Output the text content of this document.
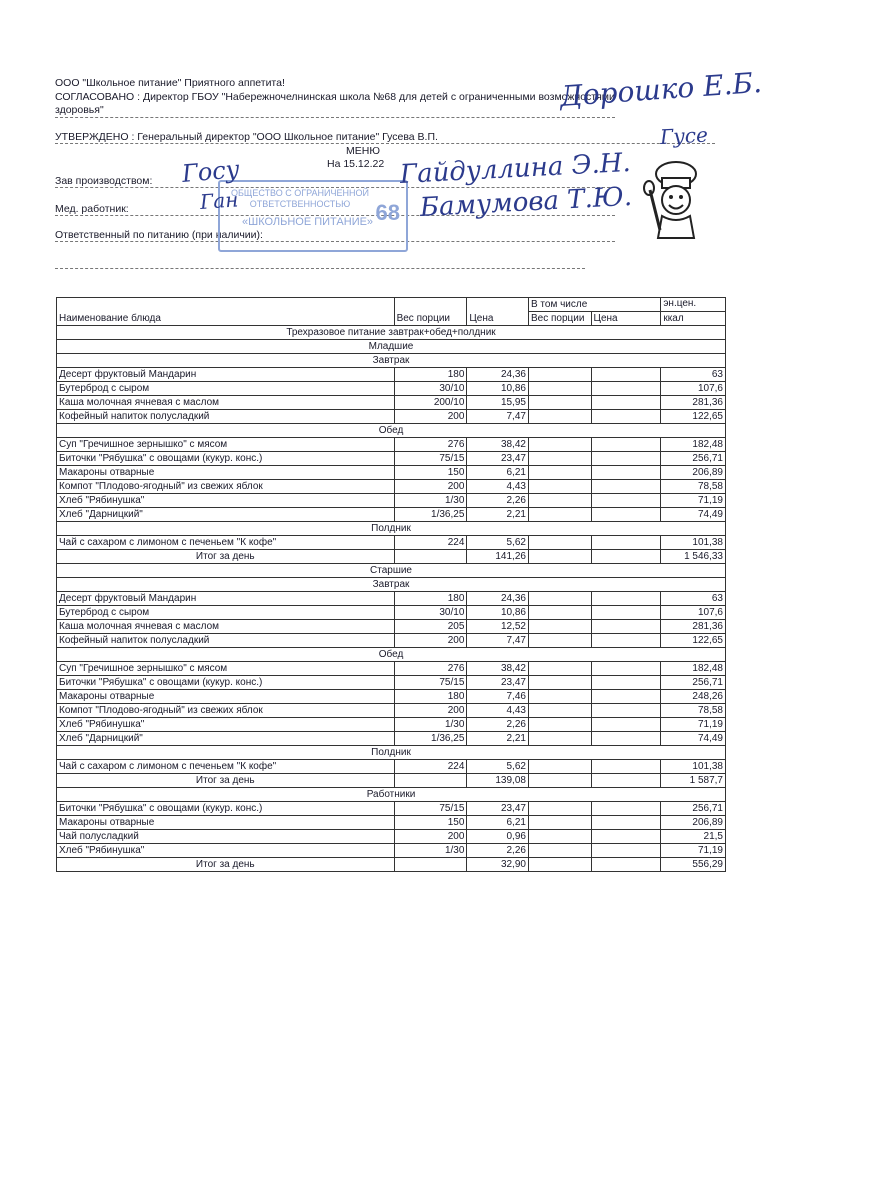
ООО "Школьное питание" Приятного аппетита!
СОГЛАСОВАНО : Директор ГБОУ "Набережночелнинская школа №68 для детей с ограниченными возможностями
здоровья"
УТВЕРЖДЕНО : Генеральный директор "ООО Школьное питание" Гусева В.П.
МЕНЮ
На 15.12.22
Зав производством:
Мед. работник:
Ответственный по питанию (при наличии):
ОБЩЕСТВО С ОГРАНИЧЕННОЙ ОТВЕТСТВЕННОСТЬЮ
«ШКОЛЬНОЕ ПИТАНИЕ» 68
Дорошко Е.Б.
Гусе
Госу
Ган
Гайдуллина Э.Н.
Бамумова Т.Ю.
Наименование блюда	Вес порции	Цена	В том числе		эн.цен.
			Вес порции	Цена	ккал
Трехразовое питание завтрак+обед+полдник					
Младшие					
Завтрак					
Десерт фруктовый Мандарин	180	24,36			63
Бутерброд с сыром	30/10	10,86			107,6
Каша молочная ячневая с маслом	200/10	15,95			281,36
Кофейный напиток полусладкий	200	7,47			122,65
Обед					
Суп "Гречишное зернышко" с мясом	276	38,42			182,48
Биточки "Рябушка" с овощами (кукур. конс.)	75/15	23,47			256,71
Макароны отварные	150	6,21			206,89
Компот "Плодово-ягодный" из свежих яблок	200	4,43			78,58
Хлеб "Рябинушка"	1/30	2,26			71,19
Хлеб "Дарницкий"	1/36,25	2,21			74,49
Полдник					
Чай с сахаром с лимоном с печеньем "К кофе"	224	5,62			101,38
Итог за день		141,26			1 546,33
Старшие					
Завтрак					
Десерт фруктовый Мандарин	180	24,36			63
Бутерброд с сыром	30/10	10,86			107,6
Каша молочная ячневая с маслом	205	12,52			281,36
Кофейный напиток полусладкий	200	7,47			122,65
Обед					
Суп "Гречишное зернышко" с мясом	276	38,42			182,48
Биточки "Рябушка" с овощами (кукур. конс.)	75/15	23,47			256,71
Макароны отварные	180	7,46			248,26
Компот "Плодово-ягодный" из свежих яблок	200	4,43			78,58
Хлеб "Рябинушка"	1/30	2,26			71,19
Хлеб "Дарницкий"	1/36,25	2,21			74,49
Полдник					
Чай с сахаром с лимоном с печеньем "К кофе"	224	5,62			101,38
Итог за день		139,08			1 587,7
Работники					
Биточки "Рябушка" с овощами (кукур. конс.)	75/15	23,47			256,71
Макароны отварные	150	6,21			206,89
Чай полусладкий	200	0,96			21,5
Хлеб "Рябинушка"	1/30	2,26			71,19
Итог за день		32,90			556,29
